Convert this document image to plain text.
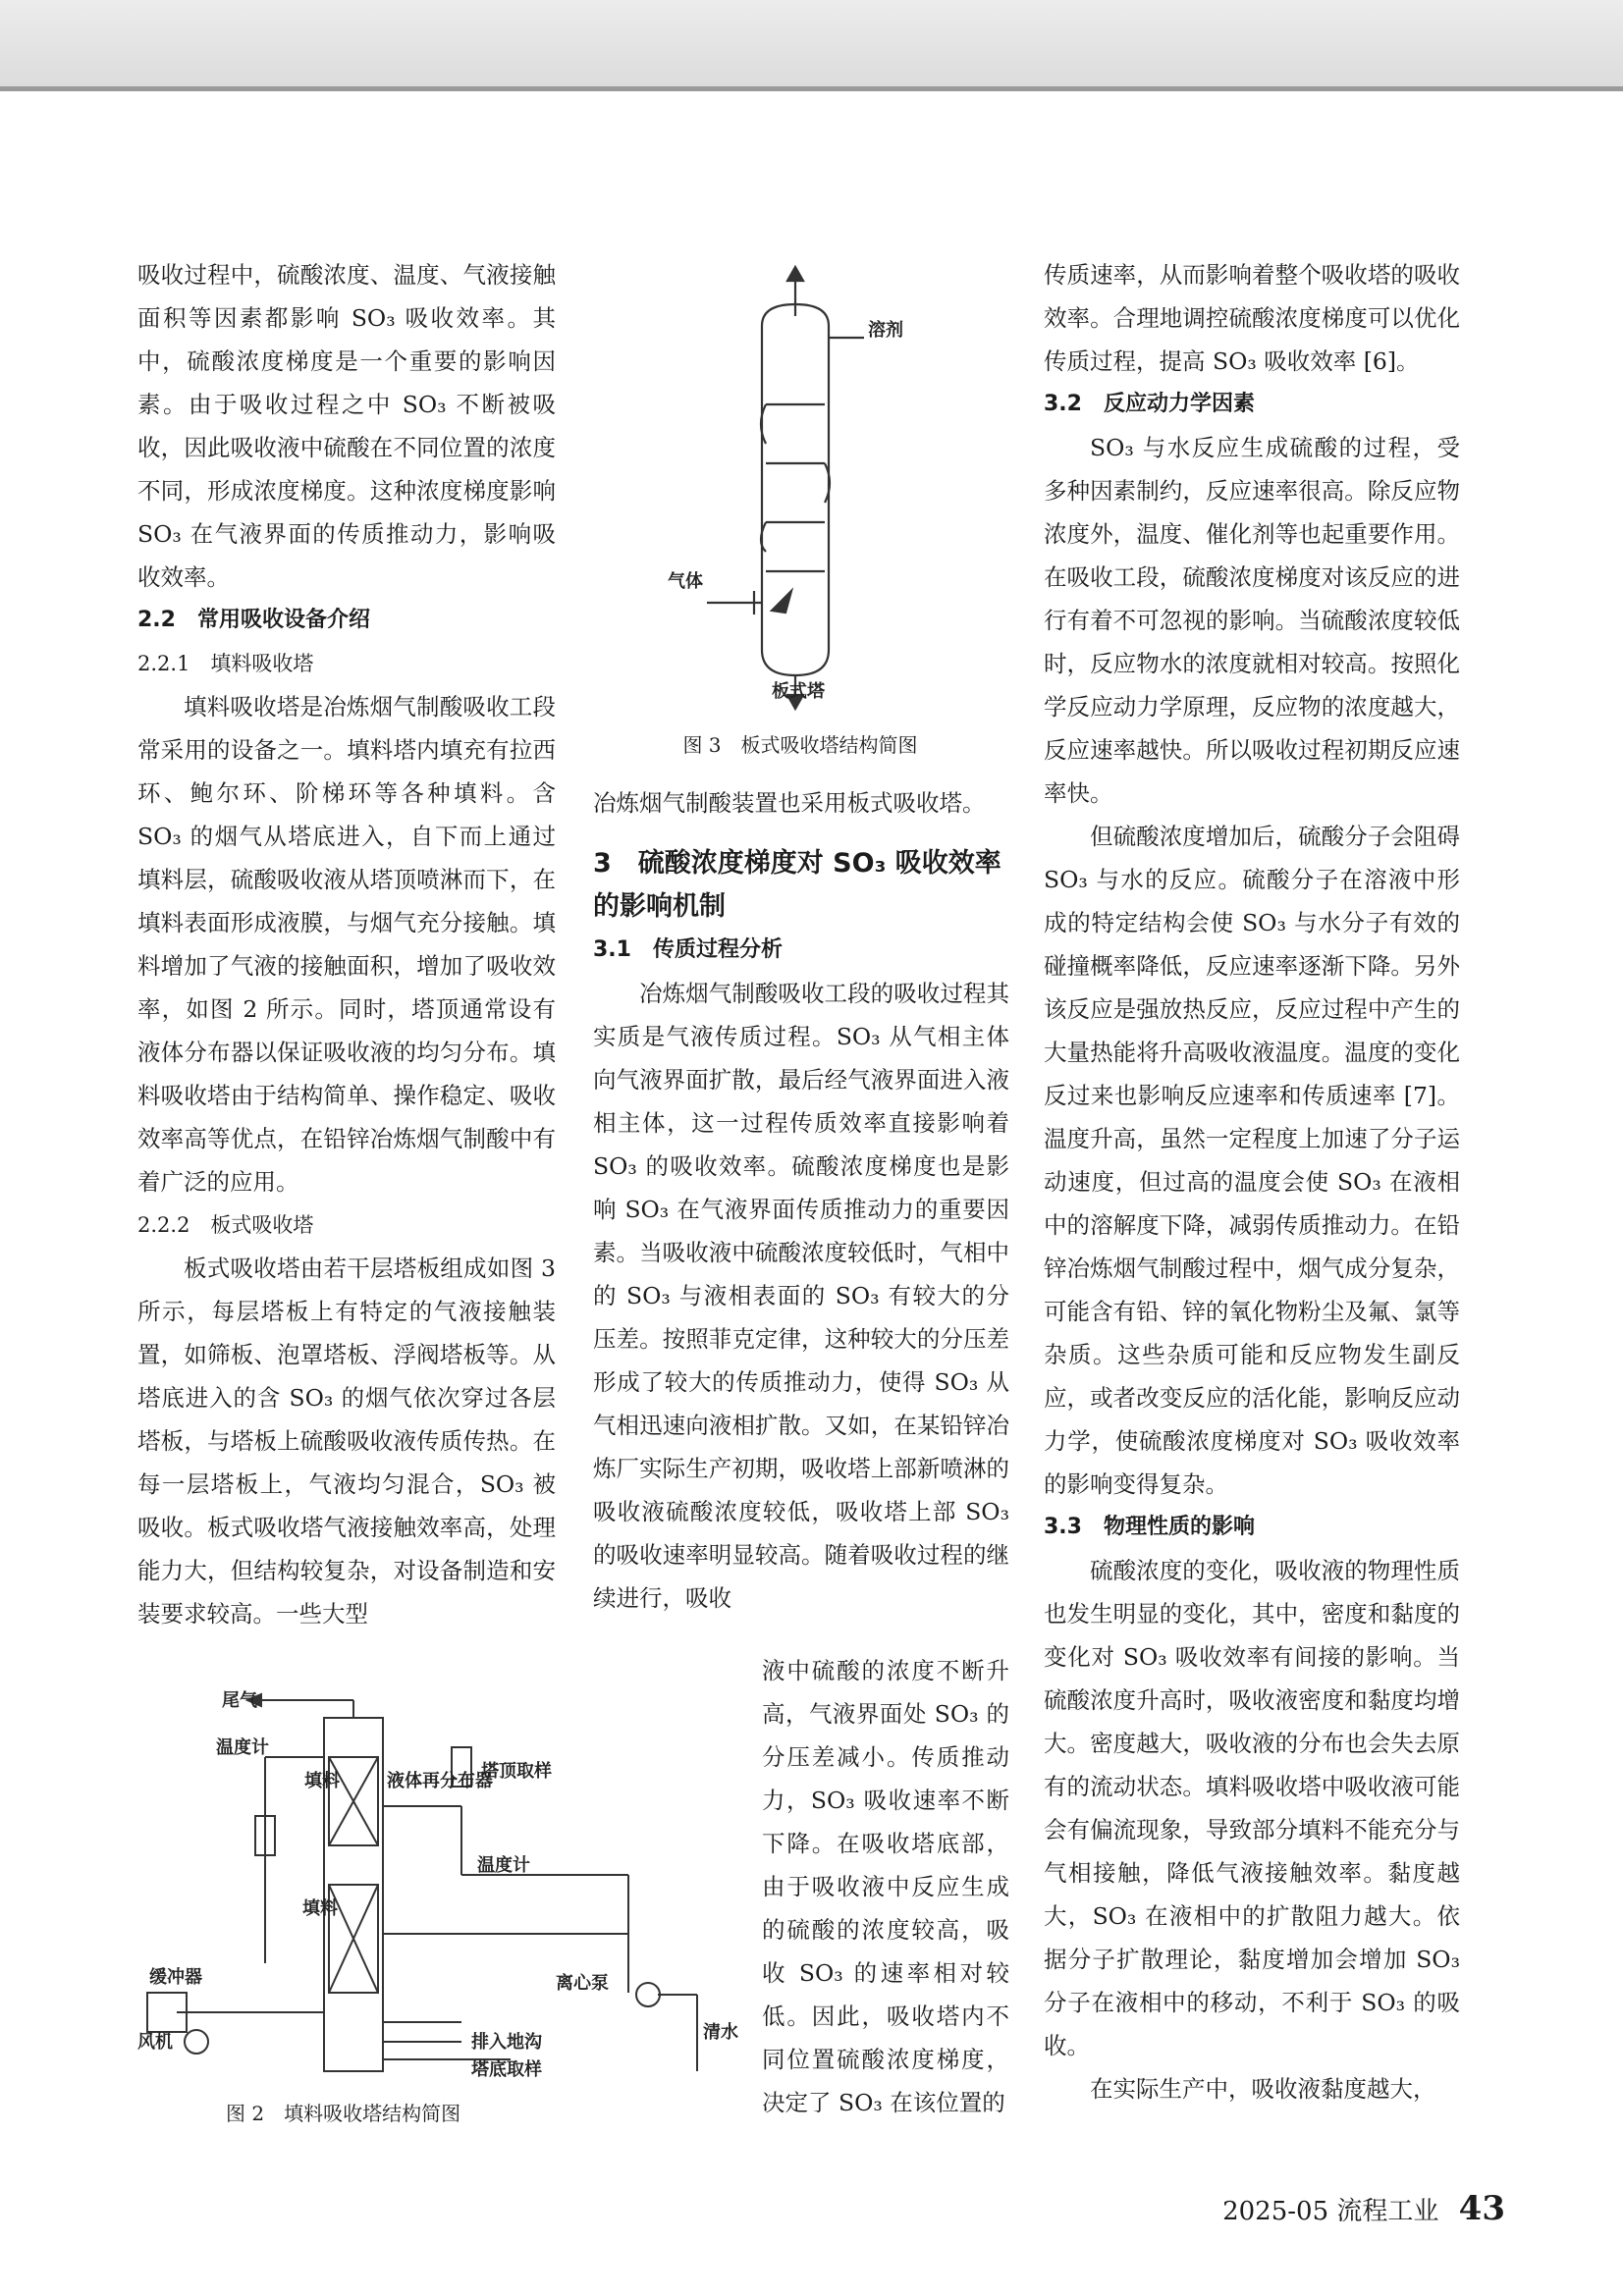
吸收过程中，硫酸浓度、温度、气液接触面积等因素都影响 SO₃ 吸收效率。其中，硫酸浓度梯度是一个重要的影响因素。由于吸收过程之中 SO₃ 不断被吸收，因此吸收液中硫酸在不同位置的浓度不同，形成浓度梯度。这种浓度梯度影响 SO₃ 在气液界面的传质推动力，影响吸收效率。

2.2　常用吸收设备介绍
2.2.1　填料吸收塔

填料吸收塔是冶炼烟气制酸吸收工段常采用的设备之一。填料塔内填充有拉西环、鲍尔环、阶梯环等各种填料。含 SO₃ 的烟气从塔底进入，自下而上通过填料层，硫酸吸收液从塔顶喷淋而下，在填料表面形成液膜，与烟气充分接触。填料增加了气液的接触面积，增加了吸收效率，如图 2 所示。同时，塔顶通常设有液体分布器以保证吸收液的均匀分布。填料吸收塔由于结构简单、操作稳定、吸收效率高等优点，在铅锌冶炼烟气制酸中有着广泛的应用。

2.2.2　板式吸收塔

板式吸收塔由若干层塔板组成如图 3 所示，每层塔板上有特定的气液接触装置，如筛板、泡罩塔板、浮阀塔板等。从塔底进入的含 SO₃ 的烟气依次穿过各层塔板，与塔板上硫酸吸收液传质传热。在每一层塔板上，气液均匀混合，SO₃ 被吸收。板式吸收塔气液接触效率高，处理能力大，但结构较复杂，对设备制造和安装要求较高。一些大型

溶剂
气体
板式塔
图 3　板式吸收塔结构简图

冶炼烟气制酸装置也采用板式吸收塔。

3　硫酸浓度梯度对 SO₃ 吸收效率的影响机制
3.1　传质过程分析

冶炼烟气制酸吸收工段的吸收过程其实质是气液传质过程。SO₃ 从气相主体向气液界面扩散，最后经气液界面进入液相主体，这一过程传质效率直接影响着 SO₃ 的吸收效率。硫酸浓度梯度也是影响 SO₃ 在气液界面传质推动力的重要因素。当吸收液中硫酸浓度较低时，气相中的 SO₃ 与液相表面的 SO₃ 有较大的分压差。按照菲克定律，这种较大的分压差形成了较大的传质推动力，使得 SO₃ 从气相迅速向液相扩散。又如，在某铅锌冶炼厂实际生产初期，吸收塔上部新喷淋的吸收液硫酸浓度较低，吸收塔上部 SO₃ 的吸收速率明显较高。随着吸收过程的继续进行，吸收

液中硫酸的浓度不断升高，气液界面处 SO₃ 的分压差减小。传质推动力，SO₃ 吸收速率不断下降。在吸收塔底部，由于吸收液中反应生成的硫酸的浓度较高，吸收 SO₃ 的速率相对较低。因此，吸收塔内不同位置硫酸浓度梯度，决定了 SO₃ 在该位置的

尾气
温度计
填料	液体再分布器
塔顶取样
填料
温度计
缓冲器
风机
离心泵
清水
排入地沟
塔底取样
图 2　填料吸收塔结构简图

传质速率，从而影响着整个吸收塔的吸收效率。合理地调控硫酸浓度梯度可以优化传质过程，提高 SO₃ 吸收效率 [6]。

3.2　反应动力学因素

SO₃ 与水反应生成硫酸的过程，受多种因素制约，反应速率很高。除反应物浓度外，温度、催化剂等也起重要作用。在吸收工段，硫酸浓度梯度对该反应的进行有着不可忽视的影响。当硫酸浓度较低时，反应物水的浓度就相对较高。按照化学反应动力学原理，反应物的浓度越大，反应速率越快。所以吸收过程初期反应速率快。

但硫酸浓度增加后，硫酸分子会阻碍 SO₃ 与水的反应。硫酸分子在溶液中形成的特定结构会使 SO₃ 与水分子有效的碰撞概率降低，反应速率逐渐下降。另外该反应是强放热反应，反应过程中产生的大量热能将升高吸收液温度。温度的变化反过来也影响反应速率和传质速率 [7]。温度升高，虽然一定程度上加速了分子运动速度，但过高的温度会使 SO₃ 在液相中的溶解度下降，减弱传质推动力。在铅锌冶炼烟气制酸过程中，烟气成分复杂，可能含有铅、锌的氧化物粉尘及氟、氯等杂质。这些杂质可能和反应物发生副反应，或者改变反应的活化能，影响反应动力学，使硫酸浓度梯度对 SO₃ 吸收效率的影响变得复杂。

3.3　物理性质的影响

硫酸浓度的变化，吸收液的物理性质也发生明显的变化，其中，密度和黏度的变化对 SO₃ 吸收效率有间接的影响。当硫酸浓度升高时，吸收液密度和黏度均增大。密度越大，吸收液的分布也会失去原有的流动状态。填料吸收塔中吸收液可能会有偏流现象，导致部分填料不能充分与气相接触，降低气液接触效率。黏度越大，SO₃ 在液相中的扩散阻力越大。依据分子扩散理论，黏度增加会增加 SO₃ 分子在液相中的移动，不利于 SO₃ 的吸收。

在实际生产中，吸收液黏度越大，

2025-05 流程工业 43
